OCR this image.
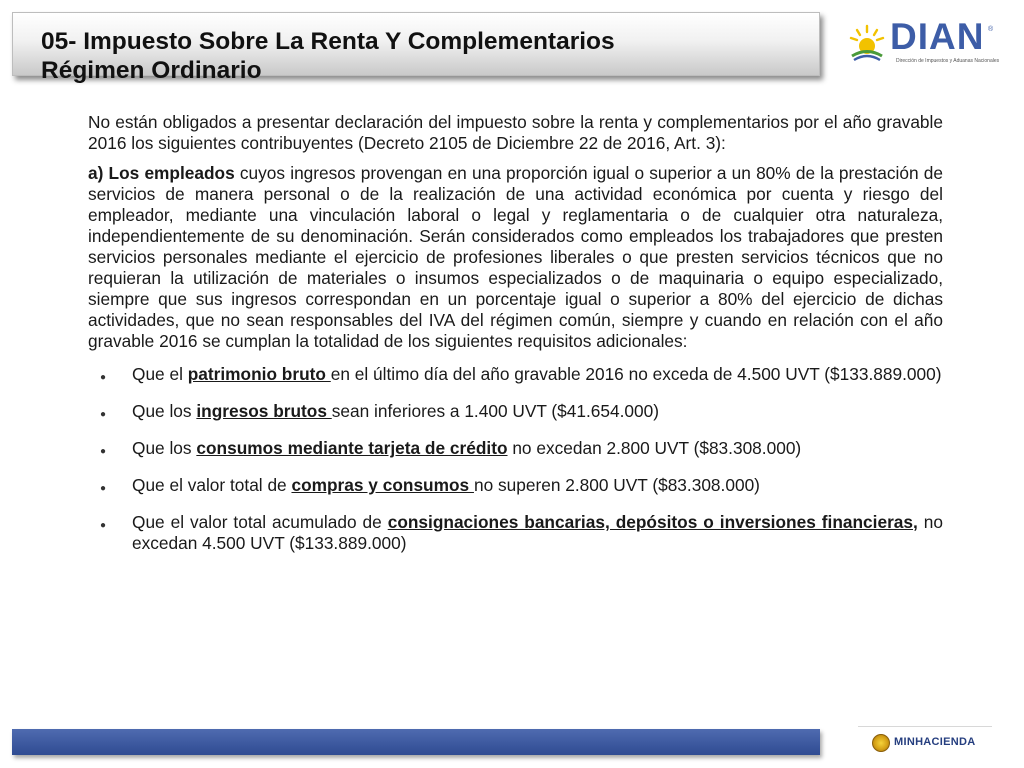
05- Impuesto Sobre La Renta Y Complementarios
Régimen Ordinario
DIAN ®
Dirección de Impuestos y Aduanas Nacionales

No están obligados a presentar declaración del impuesto sobre la renta y complementarios por el año gravable 2016 los siguientes contribuyentes (Decreto 2105 de Diciembre 22 de 2016, Art. 3):

a) Los empleados cuyos ingresos provengan en una proporción igual o superior a un 80% de la prestación de servicios de manera personal o de la realización de una actividad económica por cuenta y riesgo del empleador, mediante una vinculación laboral o legal y reglamentaria o de cualquier otra naturaleza, independientemente de su denominación. Serán considerados como empleados los trabajadores que presten servicios personales mediante el ejercicio de profesiones liberales o que presten servicios técnicos que no requieran la utilización de materiales o insumos especializados o de maquinaria o equipo especializado, siempre que sus ingresos correspondan en un porcentaje igual o superior a 80% del ejercicio de dichas actividades, que no sean responsables del IVA del régimen común, siempre y cuando en relación con el año gravable 2016 se cumplan la totalidad de los siguientes requisitos adicionales:

● Que el patrimonio bruto en el último día del año gravable 2016 no exceda de 4.500 UVT ($133.889.000)
● Que los ingresos brutos sean inferiores a 1.400 UVT ($41.654.000)
● Que los consumos mediante tarjeta de crédito no excedan 2.800 UVT ($83.308.000)
● Que el valor total de compras y consumos no superen 2.800 UVT ($83.308.000)
● Que el valor total acumulado de consignaciones bancarias, depósitos o inversiones financieras, no excedan 4.500 UVT ($133.889.000)
MINHACIENDA
